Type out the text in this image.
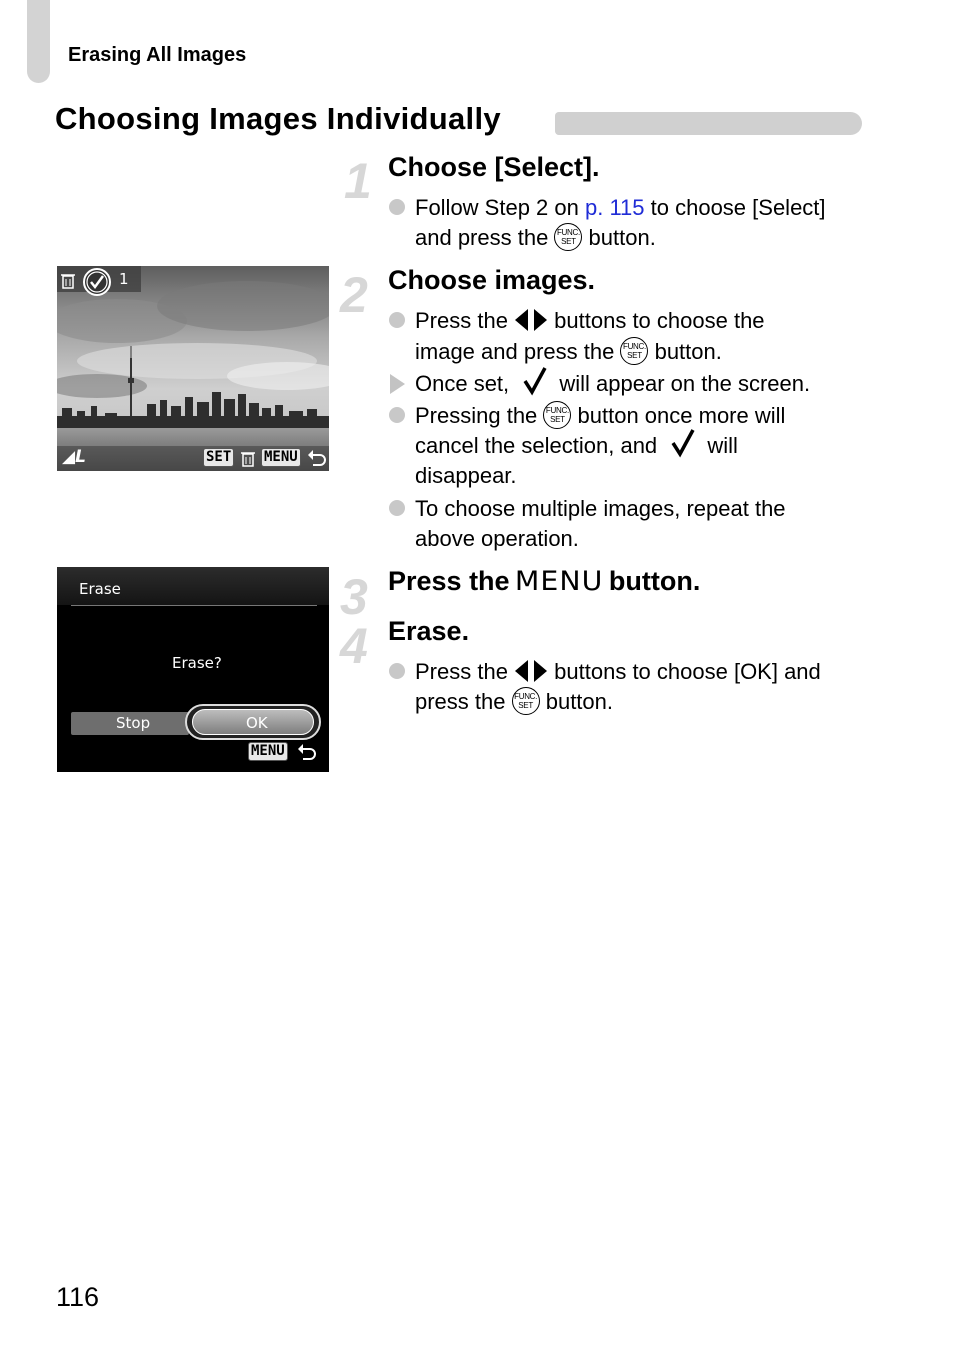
Erasing All Images
Choosing Images Individually
1 Choose [Select].
Follow Step 2 on p. 115 to choose [Select]
and press the FUNC.
SET button.
1
◢L	SET MENU
2 Choose images.
Press the  buttons to choose the
image and press the FUNC.
SET button.
Once set,  will appear on the screen.
Pressing the FUNC.
SET button once more will
cancel the selection, and  will
disappear.
To choose multiple images, repeat the
above operation.
Erase
Erase?
Stop	OK
MENU
3 Press the MENU button.
4 Erase.
Press the  buttons to choose [OK] and
press the FUNC.
SET button.
116
